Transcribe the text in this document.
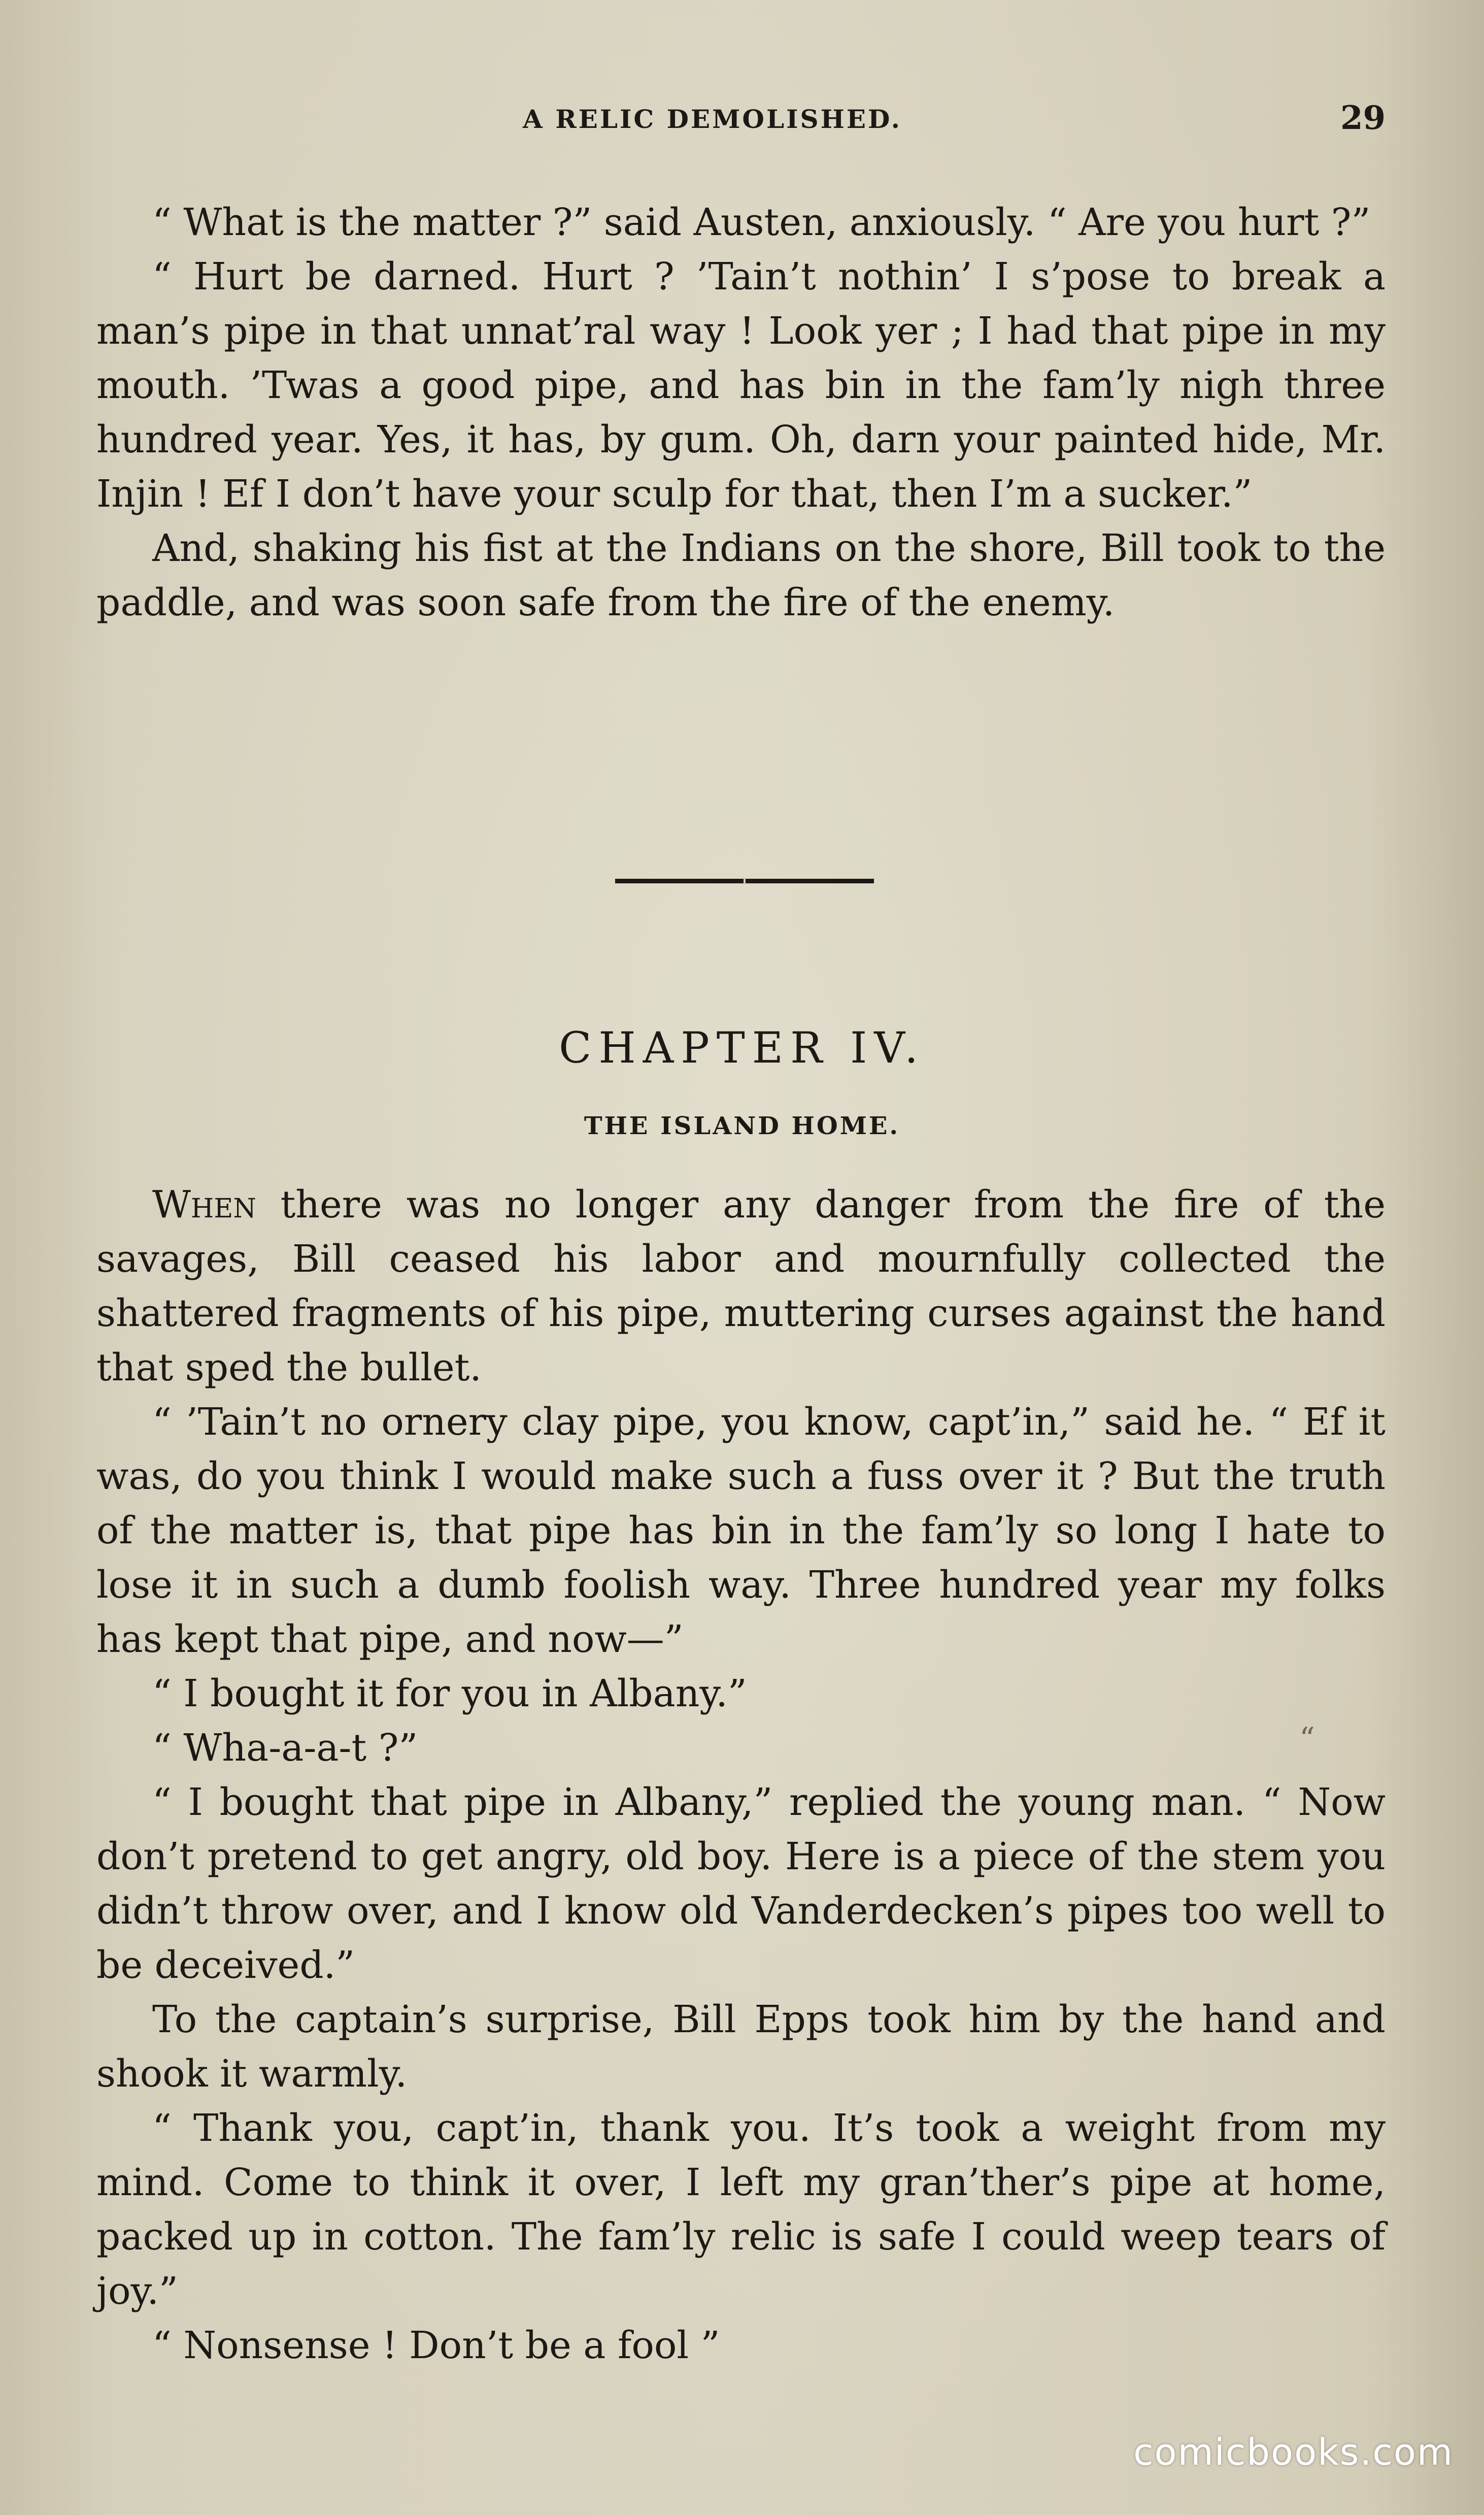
A RELIC DEMOLISHED.	29

“ What is the matter ?” said Austen, anxiously. “ Are you hurt ?”

“ Hurt be darned. Hurt ? ’Tain’t nothin’ I s’pose to break a man’s pipe in that unnat’ral way ! Look yer ; I had that pipe in my mouth. ’Twas a good pipe, and has bin in the fam’ly nigh three hundred year. Yes, it has, by gum. Oh, darn your painted hide, Mr. Injin ! Ef I don’t have your sculp for that, then I’m a sucker.”

And, shaking his fist at the Indians on the shore, Bill took to the paddle, and was soon safe from the fire of the enemy.

CHAPTER IV.
THE ISLAND HOME.

When there was no longer any danger from the fire of the savages, Bill ceased his labor and mournfully collected the shattered fragments of his pipe, muttering curses against the hand that sped the bullet.

“ ’Tain’t no ornery clay pipe, you know, capt’in,” said he. “ Ef it was, do you think I would make such a fuss over it ? But the truth of the matter is, that pipe has bin in the fam’ly so long I hate to lose it in such a dumb foolish way. Three hundred year my folks has kept that pipe, and now—”

“ I bought it for you in Albany.”

“ Wha-a-a-t ?”

“ I bought that pipe in Albany,” replied the young man. “ Now don’t pretend to get angry, old boy. Here is a piece of the stem you didn’t throw over, and I know old Vanderdecken’s pipes too well to be deceived.”

To the captain’s surprise, Bill Epps took him by the hand and shook it warmly.

“ Thank you, capt’in, thank you. It’s took a weight from my mind. Come to think it over, I left my gran’ther’s pipe at home, packed up in cotton. The fam’ly relic is safe I could weep tears of joy.”

“ Nonsense ! Don’t be a fool ”

“
comicbooks.com
